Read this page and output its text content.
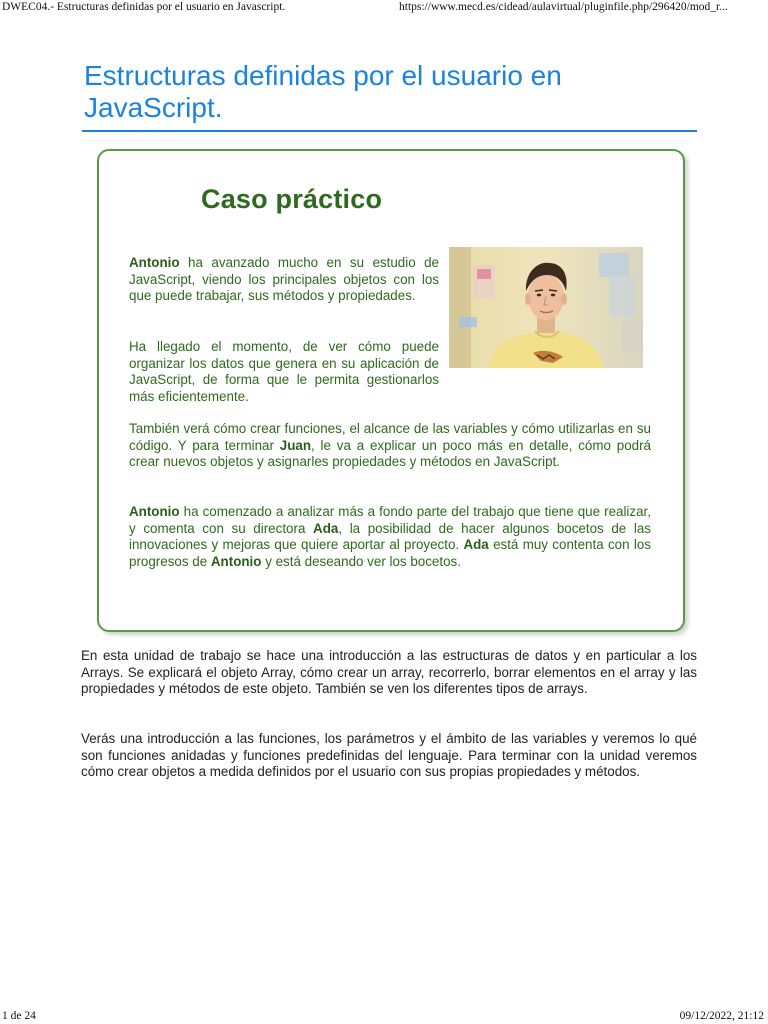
DWEC04.- Estructuras definidas por el usuario en Javascript.	https://www.mecd.es/cidead/aulavirtual/pluginfile.php/296420/mod_r...
Estructuras definidas por el usuario en
JavaScript.
Caso práctico

Antonio ha avanzado mucho en su estudio de JavaScript, viendo los principales objetos con los que puede trabajar, sus métodos y propiedades.

Ha llegado el momento, de ver cómo puede organizar los datos que genera en su aplicación de JavaScript, de forma que le permita gestionarlos más eficientemente.

También verá cómo crear funciones, el alcance de las variables y cómo utilizarlas en su código. Y para terminar Juan, le va a explicar un poco más en detalle, cómo podrá crear nuevos objetos y asignarles propiedades y métodos en JavaScript.

Antonio ha comenzado a analizar más a fondo parte del trabajo que tiene que realizar, y comenta con su directora Ada, la posibilidad de hacer algunos bocetos de las innovaciones y mejoras que quiere aportar al proyecto. Ada está muy contenta con los progresos de Antonio y está deseando ver los bocetos.

En esta unidad de trabajo se hace una introducción a las estructuras de datos y en particular a los Arrays. Se explicará el objeto Array, cómo crear un array, recorrerlo, borrar elementos en el array y las propiedades y métodos de este objeto. También se ven los diferentes tipos de arrays.

Verás una introducción a las funciones, los parámetros y el ámbito de las variables y veremos lo qué son funciones anidadas y funciones predefinidas del lenguaje. Para terminar con la unidad veremos cómo crear objetos a medida definidos por el usuario con sus propias propiedades y métodos.

1 de 24	09/12/2022, 21:12
